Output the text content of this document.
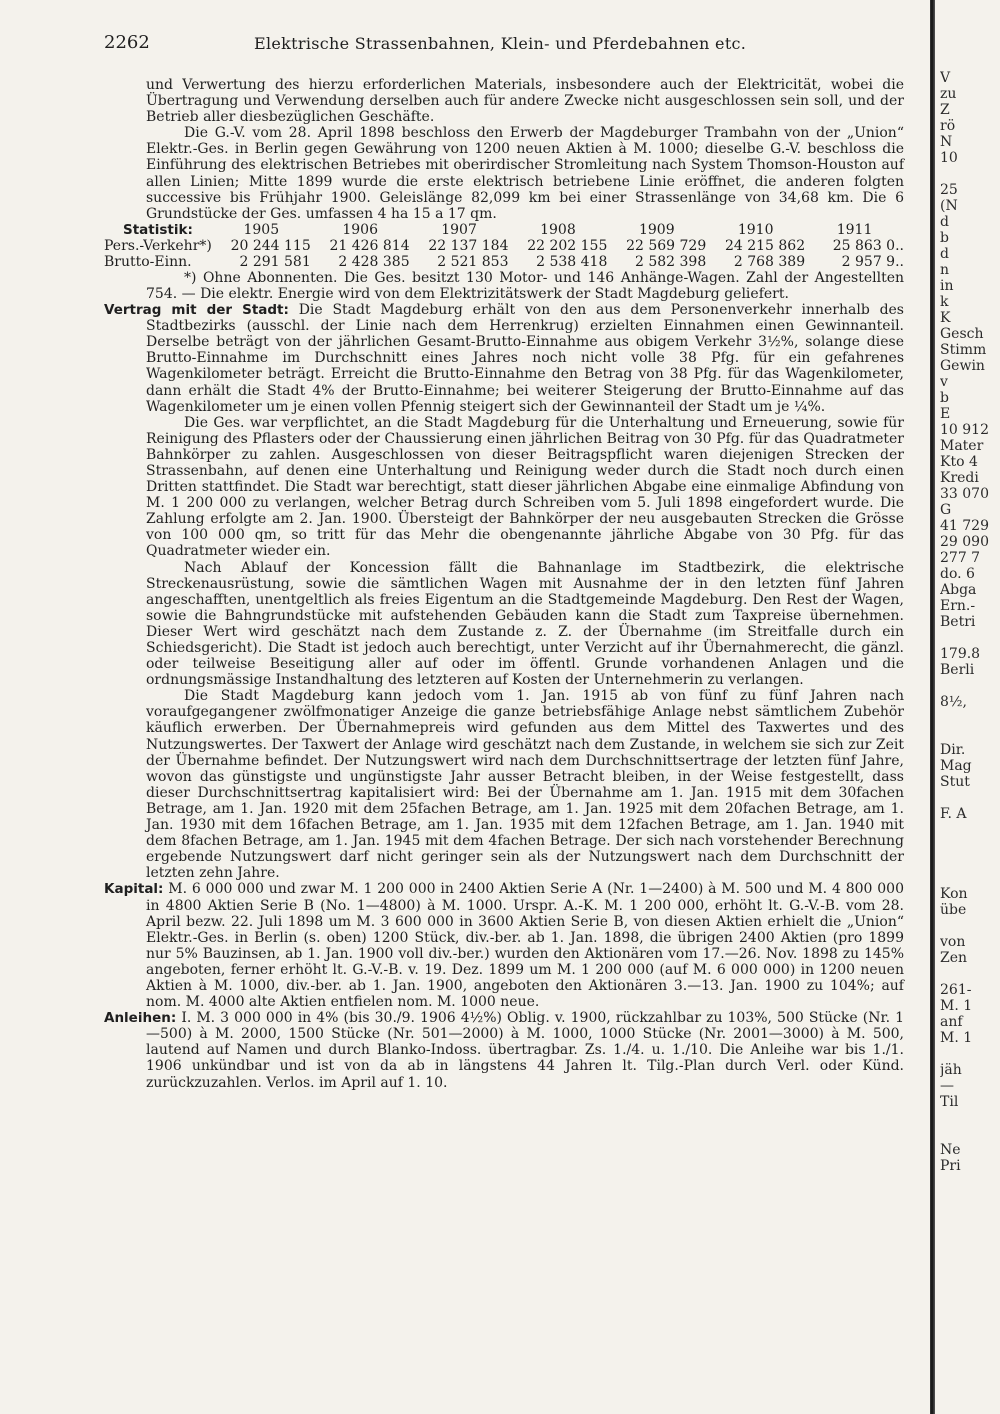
2262	Elektrische Strassenbahnen, Klein- und Pferdebahnen etc.

und Verwertung des hierzu erforderlichen Materials, insbesondere auch der Elektricität, wobei die Übertragung und Verwendung derselben auch für andere Zwecke nicht ausgeschlossen sein soll, und der Betrieb aller diesbezüglichen Geschäfte.

Die G.-V. vom 28. April 1898 beschloss den Erwerb der Magdeburger Trambahn von der „Union“ Elektr.-Ges. in Berlin gegen Gewährung von 1200 neuen Aktien à M. 1000; dieselbe G.-V. beschloss die Einführung des elektrischen Betriebes mit oberirdischer Stromleitung nach System Thomson-Houston auf allen Linien; Mitte 1899 wurde die erste elektrisch betriebene Linie eröffnet, die anderen folgten successive bis Frühjahr 1900. Geleislänge 82,099 km bei einer Strassenlänge von 34,68 km. Die 6 Grundstücke der Ges. umfassen 4 ha 15 a 17 qm.

Statistik:	1905	1906	1907	1908	1909	1910	1911
Pers.-Verkehr*)	20 244 115	21 426 814	22 137 184	22 202 155	22 569 729	24 215 862	25 863 0..
Brutto-Einn.	2 291 581	2 428 385	2 521 853	2 538 418	2 582 398	2 768 389	2 957 9..

*) Ohne Abonnenten. Die Ges. besitzt 130 Motor- und 146 Anhänge-Wagen. Zahl der Angestellten 754. — Die elektr. Energie wird von dem Elektrizitätswerk der Stadt Magdeburg geliefert.

Vertrag mit der Stadt: Die Stadt Magdeburg erhält von den aus dem Personenverkehr innerhalb des Stadtbezirks (ausschl. der Linie nach dem Herrenkrug) erzielten Einnahmen einen Gewinnanteil. Derselbe beträgt von der jährlichen Gesamt-Brutto-Einnahme aus obigem Verkehr 3½%, solange diese Brutto-Einnahme im Durchschnitt eines Jahres noch nicht volle 38 Pfg. für ein gefahrenes Wagenkilometer beträgt. Erreicht die Brutto-Einnahme den Betrag von 38 Pfg. für das Wagenkilometer, dann erhält die Stadt 4% der Brutto-Einnahme; bei weiterer Steigerung der Brutto-Einnahme auf das Wagenkilometer um je einen vollen Pfennig steigert sich der Gewinnanteil der Stadt um je ¼%.

Die Ges. war verpflichtet, an die Stadt Magdeburg für die Unterhaltung und Erneuerung, sowie für Reinigung des Pflasters oder der Chaussierung einen jährlichen Beitrag von 30 Pfg. für das Quadratmeter Bahnkörper zu zahlen. Ausgeschlossen von dieser Beitragspflicht waren diejenigen Strecken der Strassenbahn, auf denen eine Unterhaltung und Reinigung weder durch die Stadt noch durch einen Dritten stattfindet. Die Stadt war berechtigt, statt dieser jährlichen Abgabe eine einmalige Abfindung von M. 1 200 000 zu verlangen, welcher Betrag durch Schreiben vom 5. Juli 1898 eingefordert wurde. Die Zahlung erfolgte am 2. Jan. 1900. Übersteigt der Bahnkörper der neu ausgebauten Strecken die Grösse von 100 000 qm, so tritt für das Mehr die obengenannte jährliche Abgabe von 30 Pfg. für das Quadratmeter wieder ein.

Nach Ablauf der Koncession fällt die Bahnanlage im Stadtbezirk, die elektrische Streckenausrüstung, sowie die sämtlichen Wagen mit Ausnahme der in den letzten fünf Jahren angeschafften, unentgeltlich als freies Eigentum an die Stadtgemeinde Magdeburg. Den Rest der Wagen, sowie die Bahngrundstücke mit aufstehenden Gebäuden kann die Stadt zum Taxpreise übernehmen. Dieser Wert wird geschätzt nach dem Zustande z. Z. der Übernahme (im Streitfalle durch ein Schiedsgericht). Die Stadt ist jedoch auch berechtigt, unter Verzicht auf ihr Übernahmerecht, die gänzl. oder teilweise Beseitigung aller auf oder im öffentl. Grunde vorhandenen Anlagen und die ordnungsmässige Instandhaltung des letzteren auf Kosten der Unternehmerin zu verlangen.

Die Stadt Magdeburg kann jedoch vom 1. Jan. 1915 ab von fünf zu fünf Jahren nach voraufgegangener zwölfmonatiger Anzeige die ganze betriebsfähige Anlage nebst sämtlichem Zubehör käuflich erwerben. Der Übernahmepreis wird gefunden aus dem Mittel des Taxwertes und des Nutzungswertes. Der Taxwert der Anlage wird geschätzt nach dem Zustande, in welchem sie sich zur Zeit der Übernahme befindet. Der Nutzungswert wird nach dem Durchschnittsertrage der letzten fünf Jahre, wovon das günstigste und ungünstigste Jahr ausser Betracht bleiben, in der Weise festgestellt, dass dieser Durchschnittsertrag kapitalisiert wird: Bei der Übernahme am 1. Jan. 1915 mit dem 30fachen Betrage, am 1. Jan. 1920 mit dem 25fachen Betrage, am 1. Jan. 1925 mit dem 20fachen Betrage, am 1. Jan. 1930 mit dem 16fachen Betrage, am 1. Jan. 1935 mit dem 12fachen Betrage, am 1. Jan. 1940 mit dem 8fachen Betrage, am 1. Jan. 1945 mit dem 4fachen Betrage. Der sich nach vorstehender Berechnung ergebende Nutzungswert darf nicht geringer sein als der Nutzungswert nach dem Durchschnitt der letzten zehn Jahre.

Kapital: M. 6 000 000 und zwar M. 1 200 000 in 2400 Aktien Serie A (Nr. 1—2400) à M. 500 und M. 4 800 000 in 4800 Aktien Serie B (No. 1—4800) à M. 1000. Urspr. A.-K. M. 1 200 000, erhöht lt. G.-V.-B. vom 28. April bezw. 22. Juli 1898 um M. 3 600 000 in 3600 Aktien Serie B, von diesen Aktien erhielt die „Union“ Elektr.-Ges. in Berlin (s. oben) 1200 Stück, div.-ber. ab 1. Jan. 1898, die übrigen 2400 Aktien (pro 1899 nur 5% Bauzinsen, ab 1. Jan. 1900 voll div.-ber.) wurden den Aktionären vom 17.—26. Nov. 1898 zu 145% angeboten, ferner erhöht lt. G.-V.-B. v. 19. Dez. 1899 um M. 1 200 000 (auf M. 6 000 000) in 1200 neuen Aktien à M. 1000, div.-ber. ab 1. Jan. 1900, angeboten den Aktionären 3.—13. Jan. 1900 zu 104%; auf nom. M. 4000 alte Aktien entfielen nom. M. 1000 neue.

Anleihen: I. M. 3 000 000 in 4% (bis 30./9. 1906 4½%) Oblig. v. 1900, rückzahlbar zu 103%, 500 Stücke (Nr. 1—500) à M. 2000, 1500 Stücke (Nr. 501—2000) à M. 1000, 1000 Stücke (Nr. 2001—3000) à M. 500, lautend auf Namen und durch Blanko-Indoss. übertragbar. Zs. 1./4. u. 1./10. Die Anleihe war bis 1./1. 1906 unkündbar und ist von da ab in längstens 44 Jahren lt. Tilg.-Plan durch Verl. oder Künd. zurückzuzahlen. Verlos. im April auf 1. 10.

V
zu
Z
rö
N
10

25
(N
d
b
d
n
in
k
K
Gesch
Stimm
Gewin
v
b
E
10 912
Mater
Kto 4
Kredi
33 070
G
41 729
29 090
277 7
do. 6
Abga
Ern.-
Betri

179.8
Berli

8½,

Dir.
Mag
Stut

F. A

Kon
übe

von
Zen

261-
M. 1
anf
M. 1

jäh
—
Til

Ne
Pri
